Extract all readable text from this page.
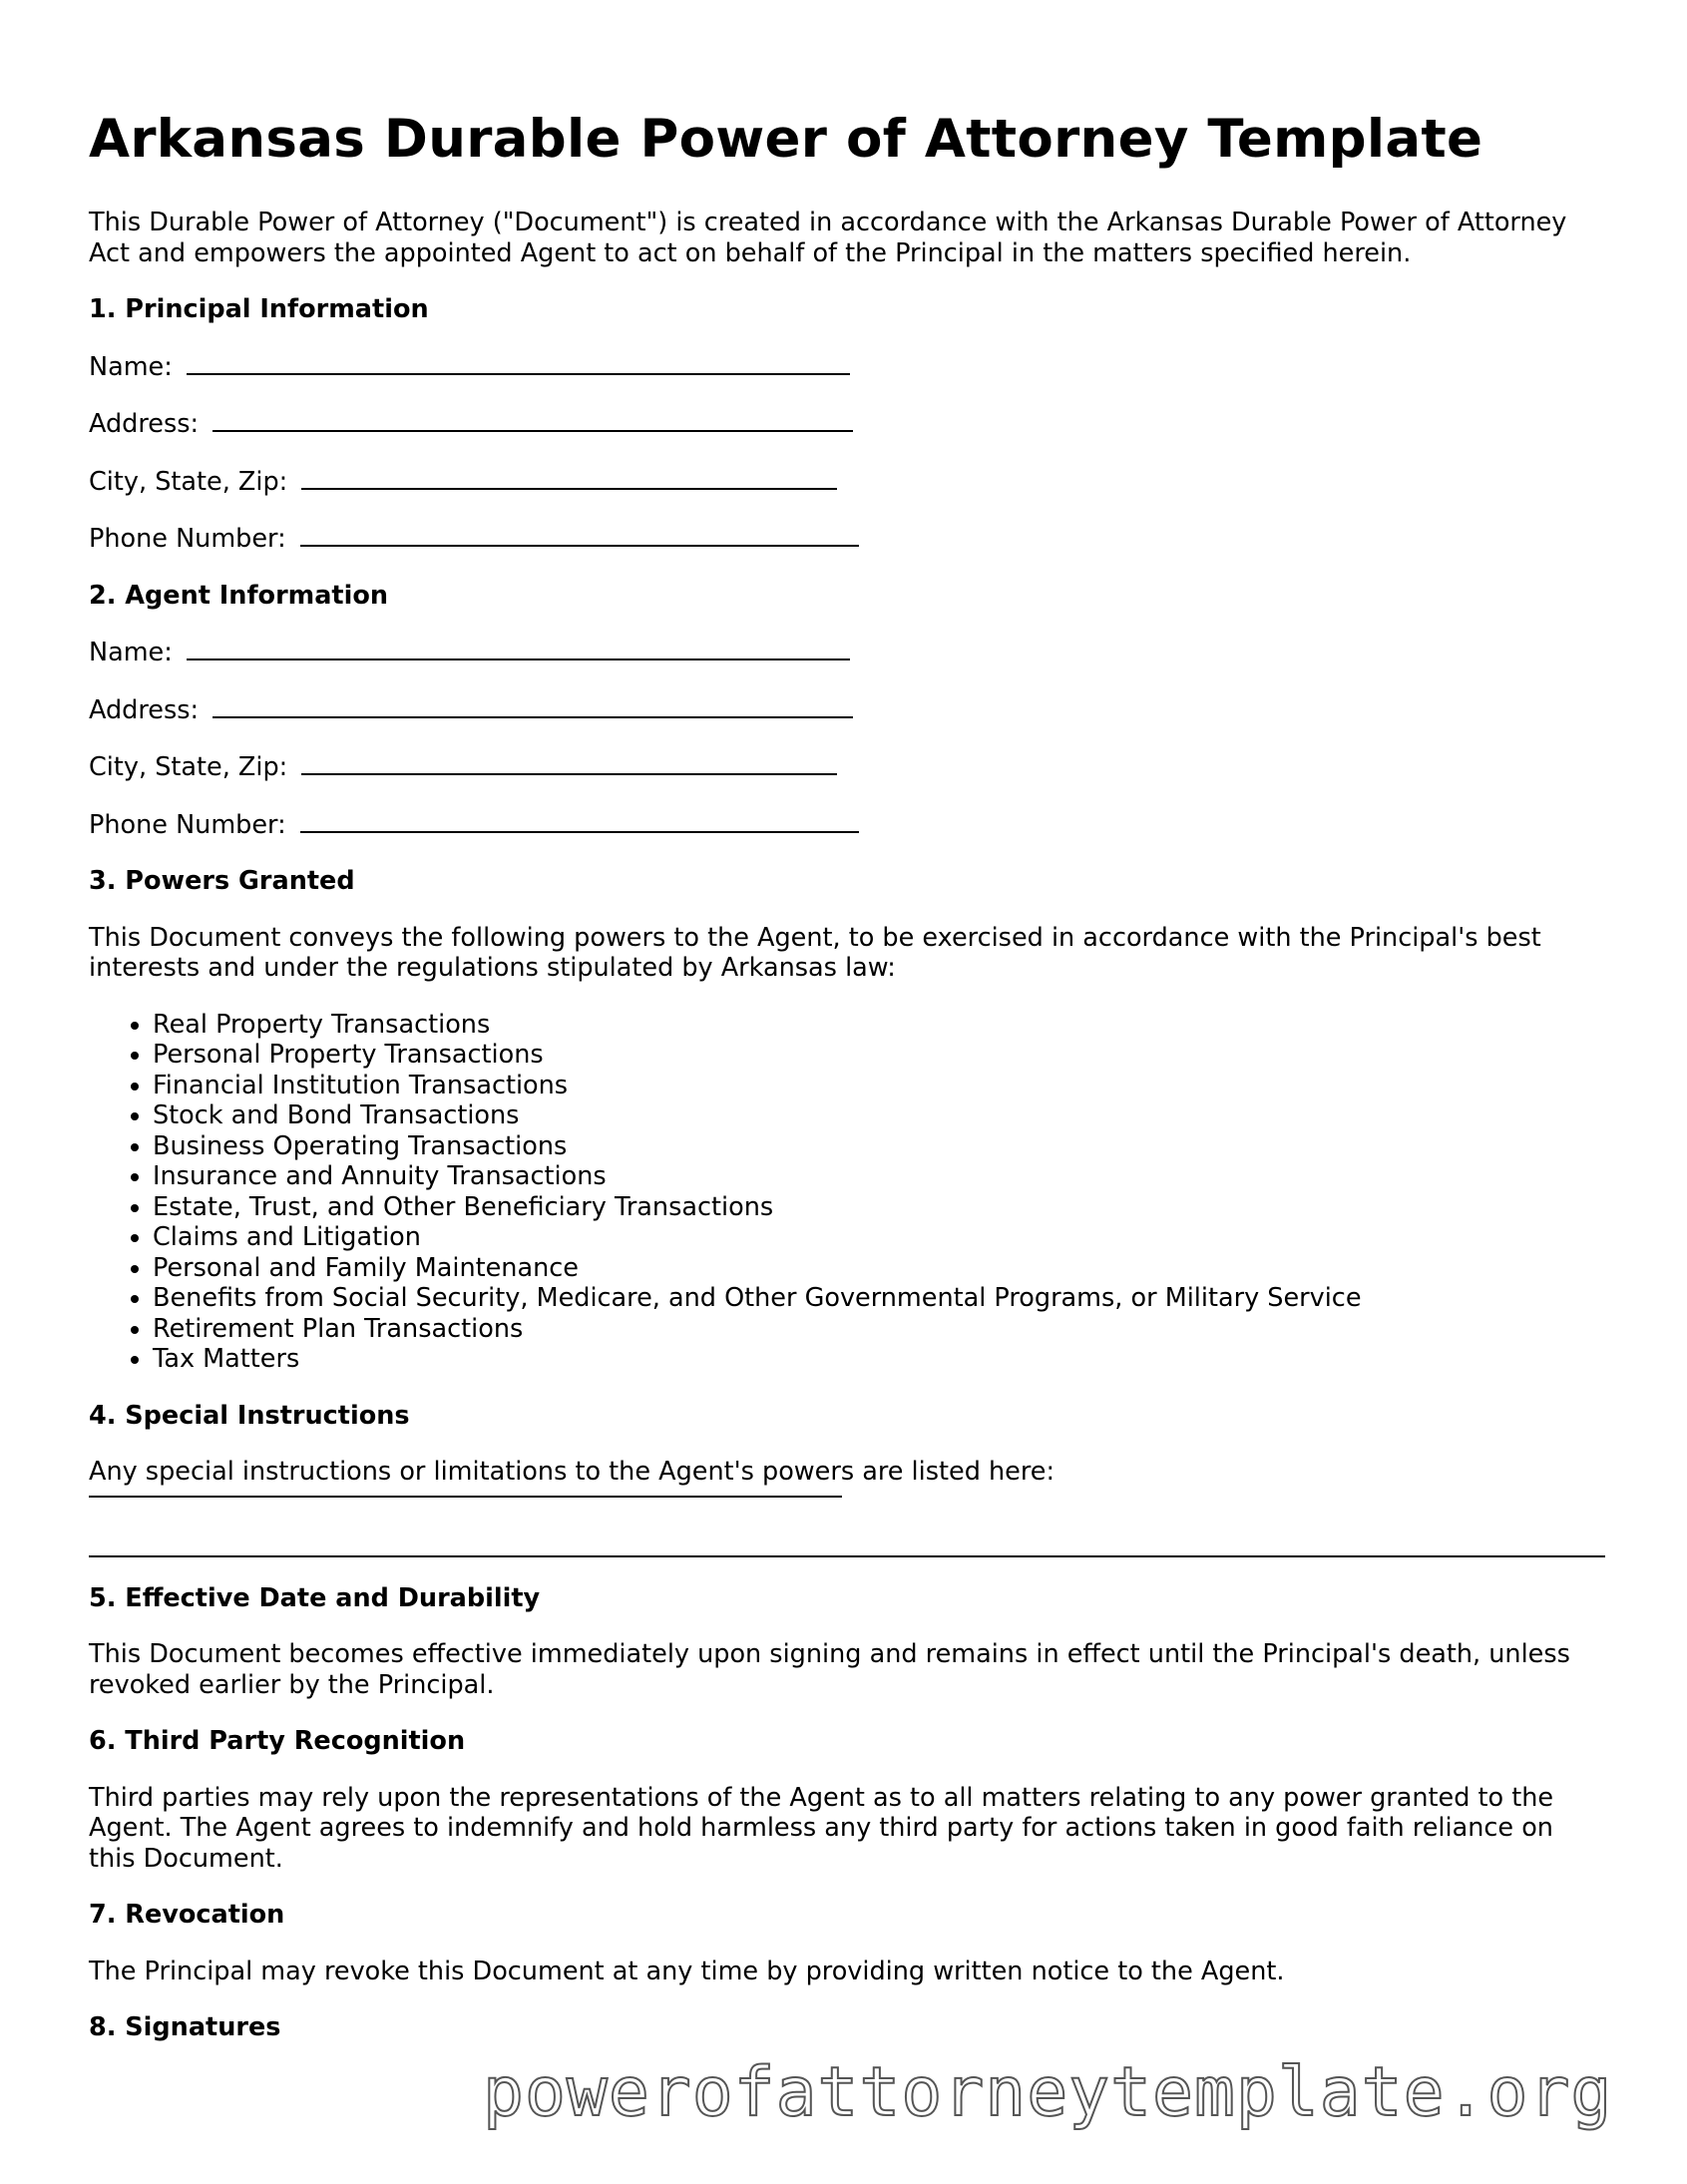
Arkansas Durable Power of Attorney Template

This Durable Power of Attorney ("Document") is created in accordance with the Arkansas Durable Power of Attorney Act and empowers the appointed Agent to act on behalf of the Principal in the matters specified herein.

1. Principal Information
Name:
Address:
City, State, Zip:
Phone Number:
2. Agent Information
Name:
Address:
City, State, Zip:
Phone Number:
3. Powers Granted

This Document conveys the following powers to the Agent, to be exercised in accordance with the Principal's best interests and under the regulations stipulated by Arkansas law:

• Real Property Transactions
• Personal Property Transactions
• Financial Institution Transactions
• Stock and Bond Transactions
• Business Operating Transactions
• Insurance and Annuity Transactions
• Estate, Trust, and Other Beneficiary Transactions
• Claims and Litigation
• Personal and Family Maintenance
• Benefits from Social Security, Medicare, and Other Governmental Programs, or Military Service
• Retirement Plan Transactions
• Tax Matters
4. Special Instructions

Any special instructions or limitations to the Agent's powers are listed here:

5. Effective Date and Durability

This Document becomes effective immediately upon signing and remains in effect until the Principal's death, unless revoked earlier by the Principal.

6. Third Party Recognition

Third parties may rely upon the representations of the Agent as to all matters relating to any power granted to the Agent. The Agent agrees to indemnify and hold harmless any third party for actions taken in good faith reliance on this Document.

7. Revocation

The Principal may revoke this Document at any time by providing written notice to the Agent.

8. Signatures
powerofattorneytemplate.org
